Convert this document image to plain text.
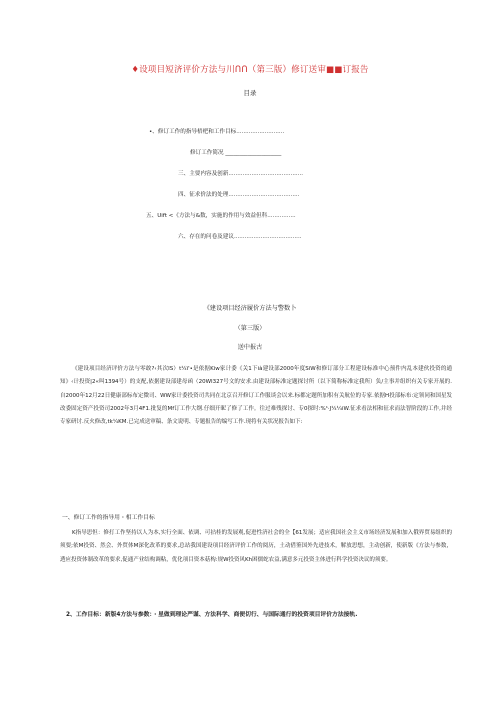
♦设项目短济评价方法与川ՈՈ（第三版）修订送审■■订报告
目录
•、修订工作的指导梧杷和工作目标...........................
修订工作简况 ____________________
三、主要内容及创新..........................................
四、征求价法的处理........................................
五、Uift <《方法与&数，实施的作用与效益但科................
六、存在的问卷及建议......................................
《建设项目经济履价方法与警数卜
（第三版）
送中报古

《建设项目经济评价方法与零敢?‹其次IS）t¼ï'•是依据Kiw家计委《关1下ià建设部2000年度SiW和修订部分工程建设标准中心预件内乱本建伙投资的通知》‹计投资|2«叫1394号）的支配,依据建设部建母函（20WI327号文的安求.由建设部标准定题探讨所（以下简称标准定我所）负/主事并组织有关专家开展的.自2000年12月22日健康部标布定微司、WW家计委投资司共同在北京召开修订工作服谈会以来.标都定题所加积有关航位的专家.依据H投部标布:定领同和国星发改委固定资产投资司2002年3月4F1.批复的Mf订工作大纲.仔细开昵了修了工作。往过难残探讨、专0探时:%¹·J¼¼iW.征求看法相和征求而法智阶段的工作,并经专家研讨.反火修改,tk¼KM.已完成送审稿、条文说明、专题报告的编写工作.现将有关状况报告如下:

一、修订工作的指导用・相工作目标

K指导思怛：修打工作坚持以人为本,实行全面、依调、可拈桂的发展观,促进性济社会的全【61发展；适应我国社会主义市场经济发展和加入俄界贸易组织的须要;依M投资、然会、外贸体M深化改革的要求,总站我国建设项目经济评价工作的阅历，土动借鉴国外先进技术，解放思想，主动创新，使新版《方法与参数，透应投资体制改革的要求,促通产业结构调粘，优化项目资本菇构:规W投资风Kh困儒蛇农益,满意多元投资主体进行科学投资决议的须要。

2、工作目标：新版4方法与参数：・星做到理论严谨、方法科学、商便切行、与国际通行的投资项目评价方法接轨.
